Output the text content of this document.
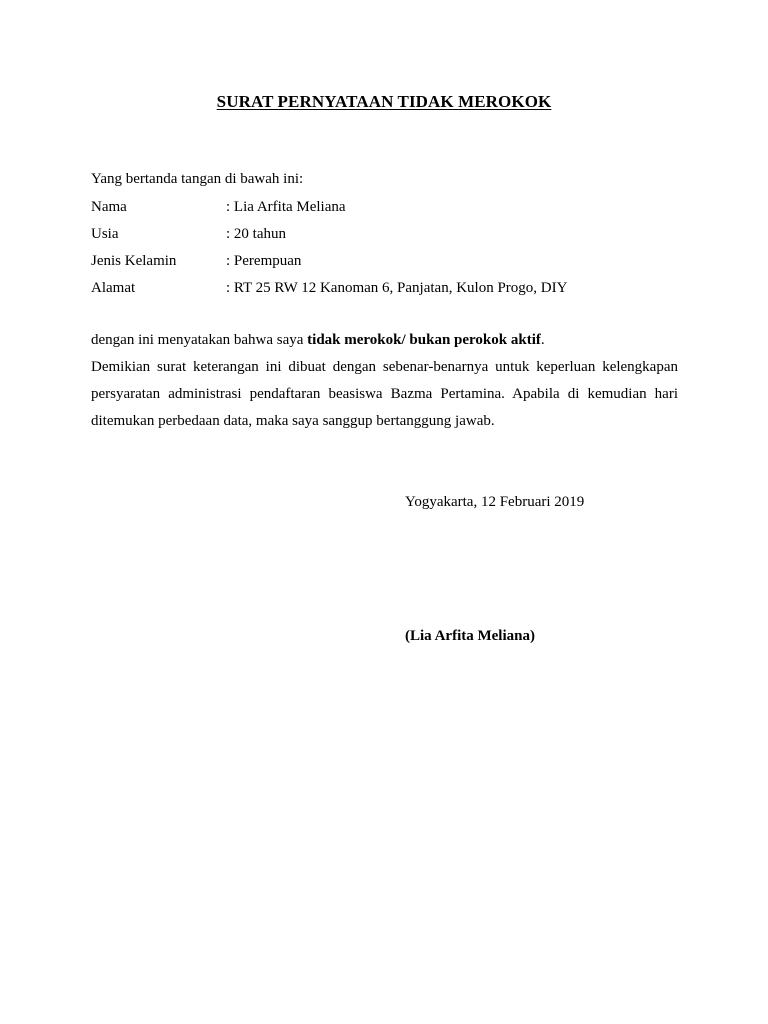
SURAT PERNYATAAN TIDAK MEROKOK
Yang bertanda tangan di bawah ini:
Nama	: Lia Arfita Meliana
Usia	: 20 tahun
Jenis Kelamin	: Perempuan
Alamat	: RT 25 RW 12 Kanoman 6, Panjatan, Kulon Progo, DIY
dengan ini menyatakan bahwa saya tidak merokok/ bukan perokok aktif.
Demikian surat keterangan ini dibuat dengan sebenar-benarnya untuk keperluan kelengkapan
persyaratan administrasi pendaftaran beasiswa Bazma Pertamina. Apabila di kemudian hari
ditemukan perbedaan data, maka saya sanggup bertanggung jawab.
Yogyakarta, 12 Februari 2019
(Lia Arfita Meliana)
